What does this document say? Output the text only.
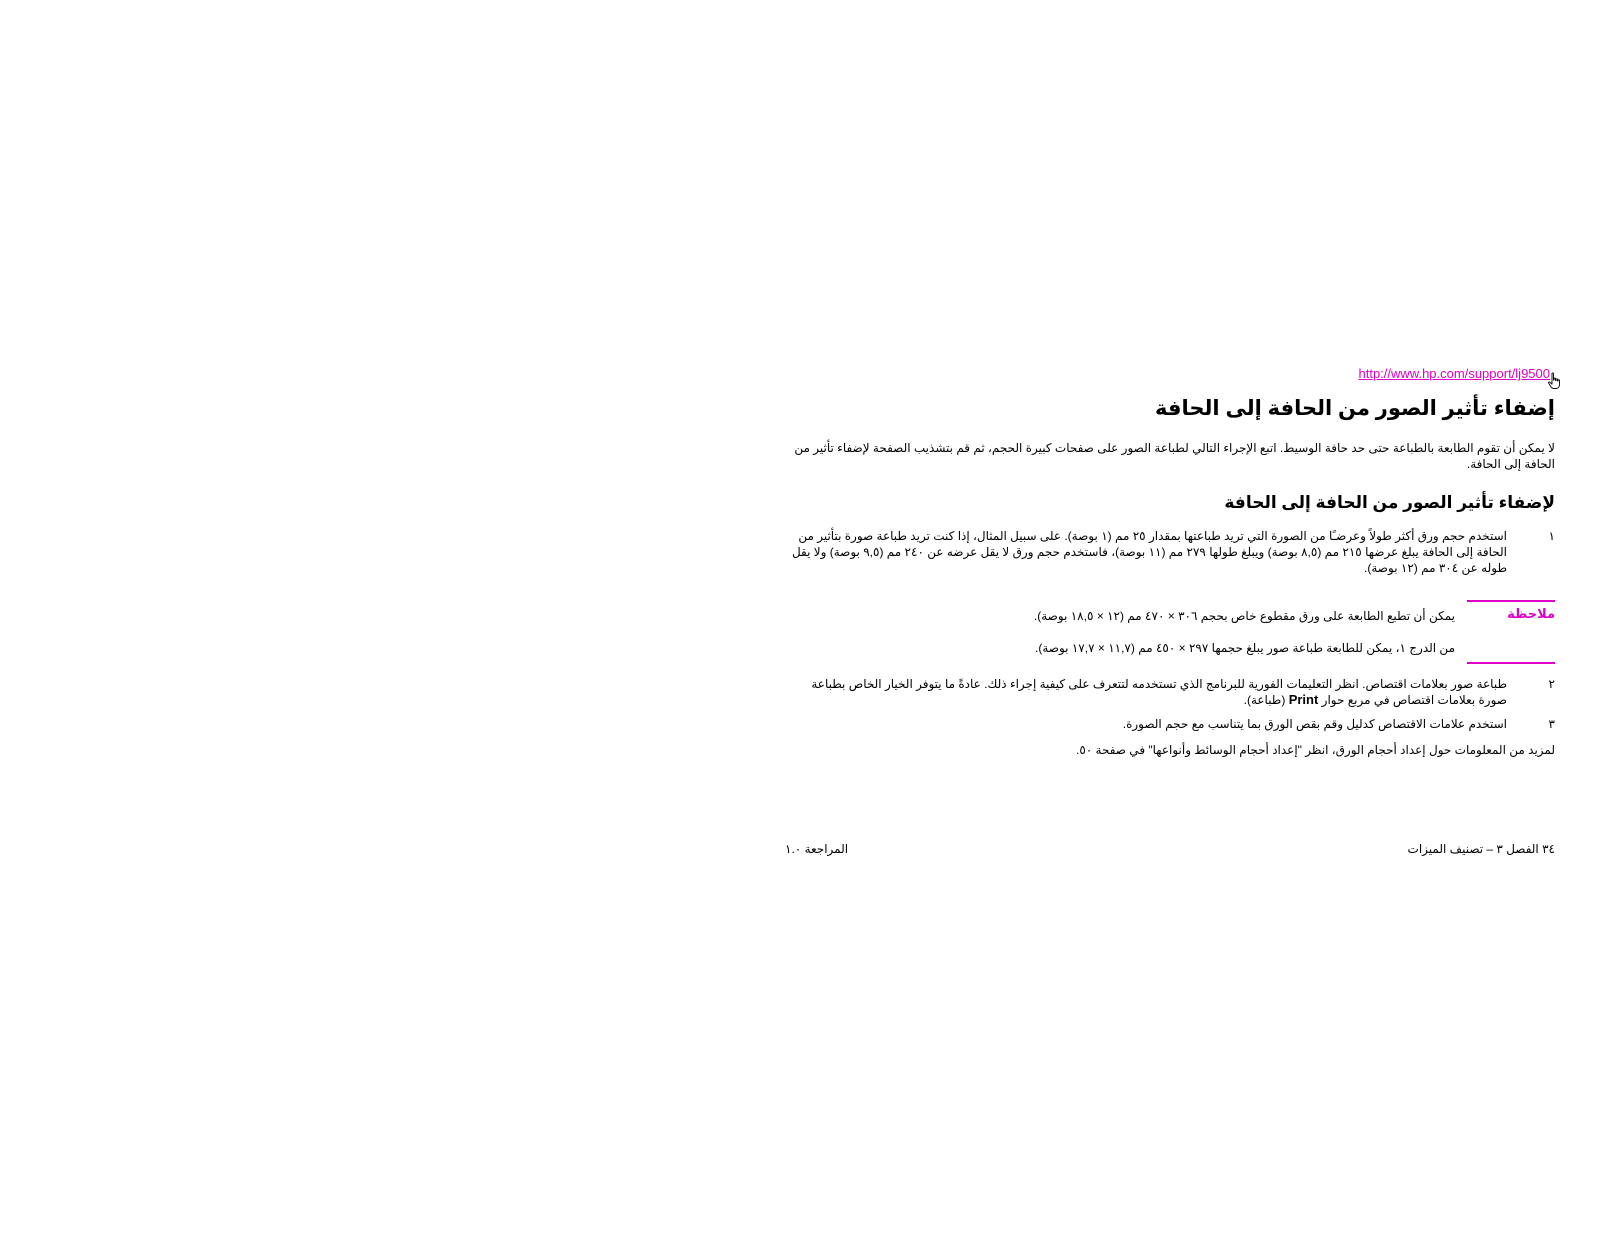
http://www.hp.com/support/lj9500
إضفاء تأثير الصور من الحافة إلى الحافة

لا يمكن أن تقوم الطابعة بالطباعة حتى حد حافة الوسيط. اتبع الإجراء التالي لطباعة الصور على صفحات كبيرة الحجم، ثم قم بتشذيب الصفحة لإضفاء تأثير من الحافة إلى الحافة.

لإضفاء تأثير الصور من الحافة إلى الحافة
١
استخدم حجم ورق أكثر طولاً وعرضـًا من الصورة التي تريد طباعتها بمقدار ٢٥ مم (١ بوصة). على سبيل المثال، إذا كنت تريد طباعة صورة بتأثير من الحافة إلى الحافة يبلغ عرضها ٢١٥ مم (٨,٥ بوصة) ويبلغ طولها ٢٧٩ مم (١١ بوصة)، فاستخدم حجم ورق لا يقل عرضه عن ٢٤٠ مم (٩,٥ بوصة) ولا يقل طوله عن ٣٠٤ مم (١٢ بوصة).
ملاحظة
يمكن أن تطبع الطابعة على ورق مقطوع خاص بحجم ٣٠٦ × ٤٧٠ مم (١٢ × ١٨,٥ بوصة).
من الدرج ١، يمكن للطابعة طباعة صور يبلغ حجمها ٢٩٧ × ٤٥٠ مم (١١,٧ × ١٧,٧ بوصة).
٢
طباعة صور بعلامات اقتصاص. انظر التعليمات الفورية للبرنامج الذي تستخدمه لتتعرف على كيفية إجراء ذلك. عادةً ما يتوفر الخيار الخاص بطباعة صورة بعلامات اقتصاص في مربع حوار Print (طباعة).
٣
استخدم علامات الاقتصاص كدليل وقم بقص الورق بما يتناسب مع حجم الصورة.

لمزيد من المعلومات حول إعداد أحجام الورق، انظر "إعداد أحجام الوسائط وأنواعها" في صفحة ٥٠.

٣٤ الفصل ٣ – تصنيف الميزات
المراجعة ١.٠
